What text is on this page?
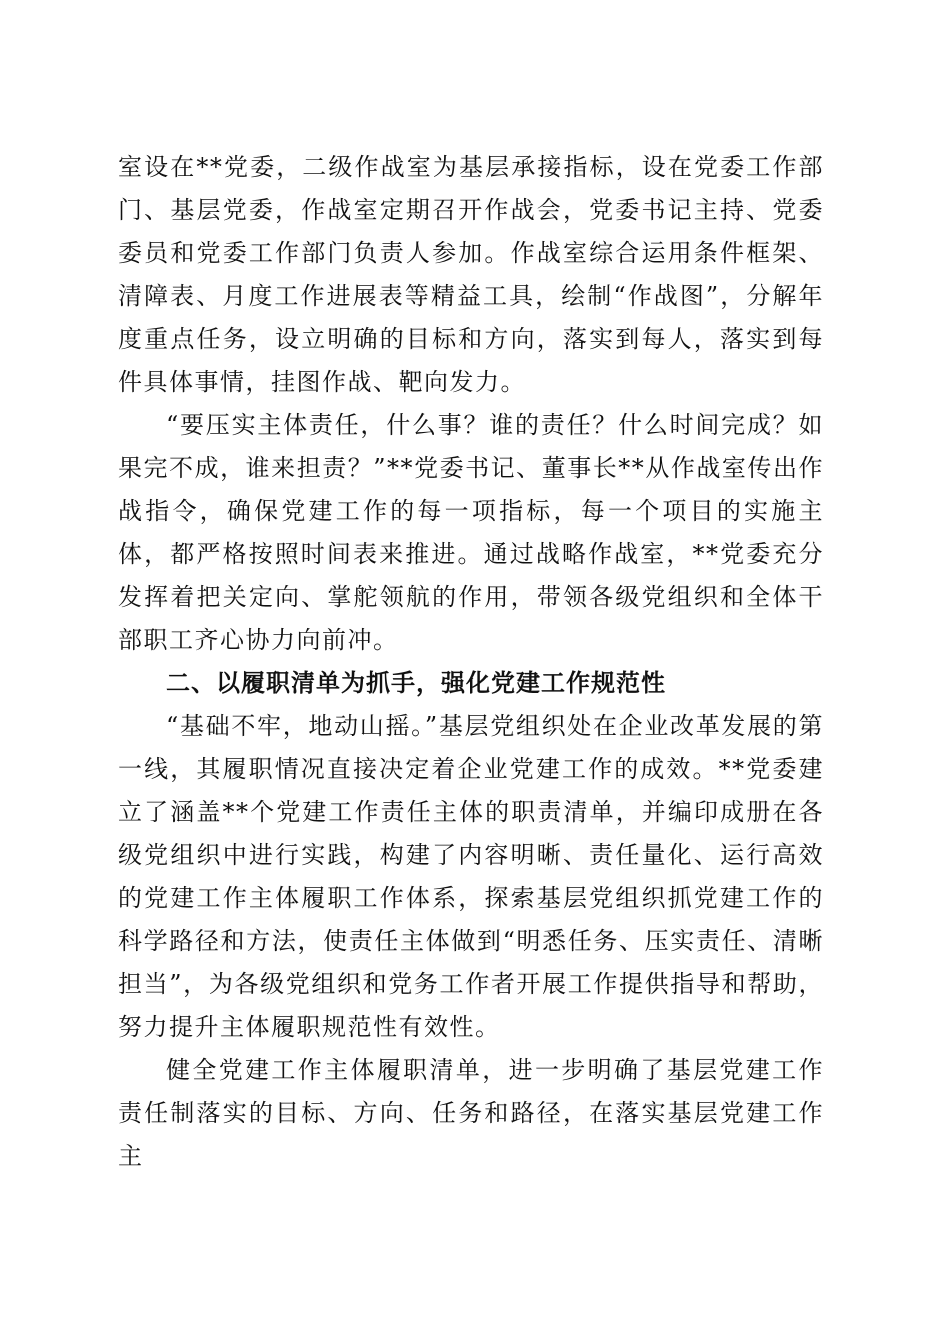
室设在**党委，二级作战室为基层承接指标，设在党委工作部门、基层党委，作战室定期召开作战会，党委书记主持、党委委员和党委工作部门负责人参加。作战室综合运用条件框架、清障表、月度工作进展表等精益工具，绘制“作战图”，分解年度重点任务，设立明确的目标和方向，落实到每人，落实到每件具体事情，挂图作战、靶向发力。

“要压实主体责任，什么事？谁的责任？什么时间完成？如果完不成，谁来担责？”**党委书记、董事长**从作战室传出作战指令，确保党建工作的每一项指标，每一个项目的实施主体，都严格按照时间表来推进。通过战略作战室，**党委充分发挥着把关定向、掌舵领航的作用，带领各级党组织和全体干部职工齐心协力向前冲。

二、以履职清单为抓手，强化党建工作规范性

“基础不牢，地动山摇。”基层党组织处在企业改革发展的第一线，其履职情况直接决定着企业党建工作的成效。**党委建立了涵盖**个党建工作责任主体的职责清单，并编印成册在各级党组织中进行实践，构建了内容明晰、责任量化、运行高效的党建工作主体履职工作体系，探索基层党组织抓党建工作的科学路径和方法，使责任主体做到“明悉任务、压实责任、清晰担当”，为各级党组织和党务工作者开展工作提供指导和帮助，努力提升主体履职规范性有效性。

健全党建工作主体履职清单，进一步明确了基层党建工作责任制落实的目标、方向、任务和路径，在落实基层党建工作主
